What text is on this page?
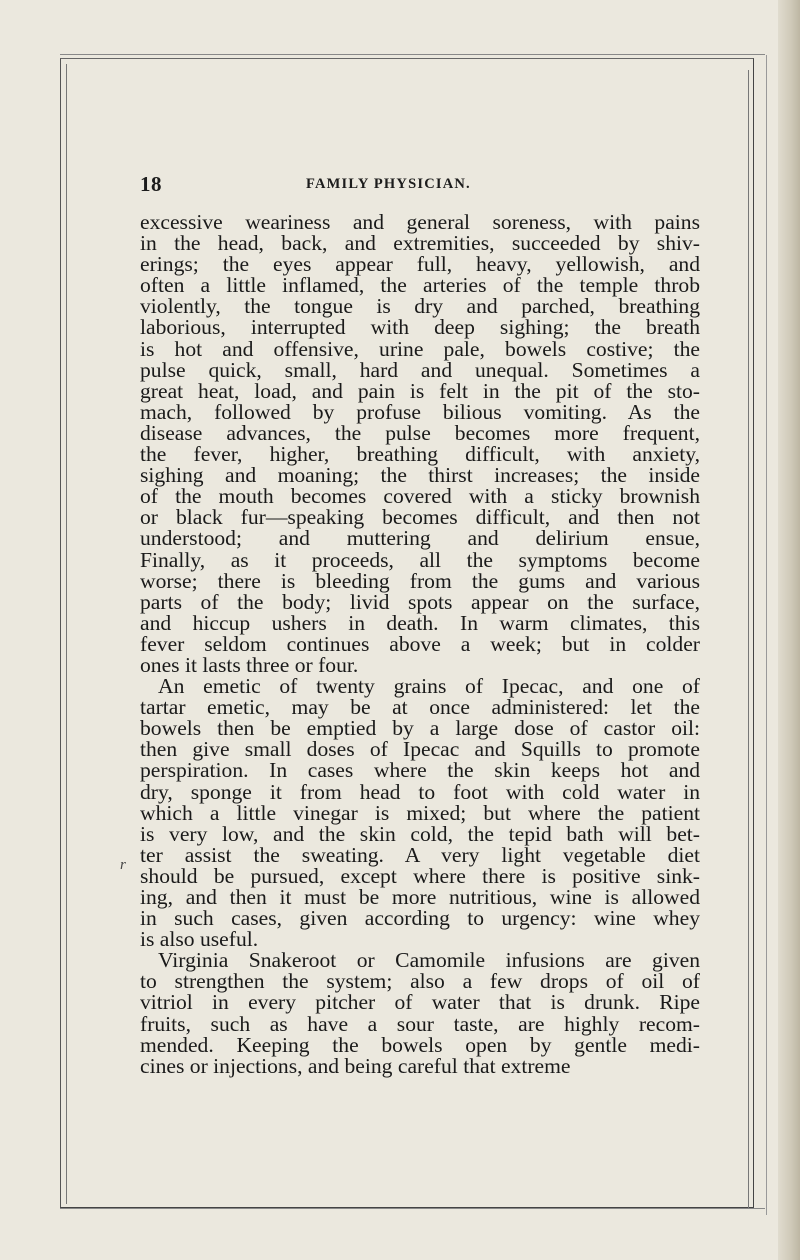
18	FAMILY PHYSICIAN.
r
excessive weariness and general soreness, with pains
in the head, back, and extremities, succeeded by shiv-
erings; the eyes appear full, heavy, yellowish, and
often a little inflamed, the arteries of the temple throb
violently, the tongue is dry and parched, breathing
laborious, interrupted with deep sighing; the breath
is hot and offensive, urine pale, bowels costive; the
pulse quick, small, hard and unequal. Sometimes a
great heat, load, and pain is felt in the pit of the sto-
mach, followed by profuse bilious vomiting. As the
disease advances, the pulse becomes more frequent,
the fever, higher, breathing difficult, with anxiety,
sighing and moaning; the thirst increases; the inside
of the mouth becomes covered with a sticky brownish
or black fur—speaking becomes difficult, and then not
understood; and muttering and delirium ensue,
Finally, as it proceeds, all the symptoms become
worse; there is bleeding from the gums and various
parts of the body; livid spots appear on the surface,
and hiccup ushers in death. In warm climates, this
fever seldom continues above a week; but in colder
ones it lasts three or four.
An emetic of twenty grains of Ipecac, and one of
tartar emetic, may be at once administered: let the
bowels then be emptied by a large dose of castor oil:
then give small doses of Ipecac and Squills to promote
perspiration. In cases where the skin keeps hot and
dry, sponge it from head to foot with cold water in
which a little vinegar is mixed; but where the patient
is very low, and the skin cold, the tepid bath will bet-
ter assist the sweating. A very light vegetable diet
should be pursued, except where there is positive sink-
ing, and then it must be more nutritious, wine is allowed
in such cases, given according to urgency: wine whey
is also useful.
Virginia Snakeroot or Camomile infusions are given
to strengthen the system; also a few drops of oil of
vitriol in every pitcher of water that is drunk. Ripe
fruits, such as have a sour taste, are highly recom-
mended. Keeping the bowels open by gentle medi-
cines or injections, and being careful that extreme
